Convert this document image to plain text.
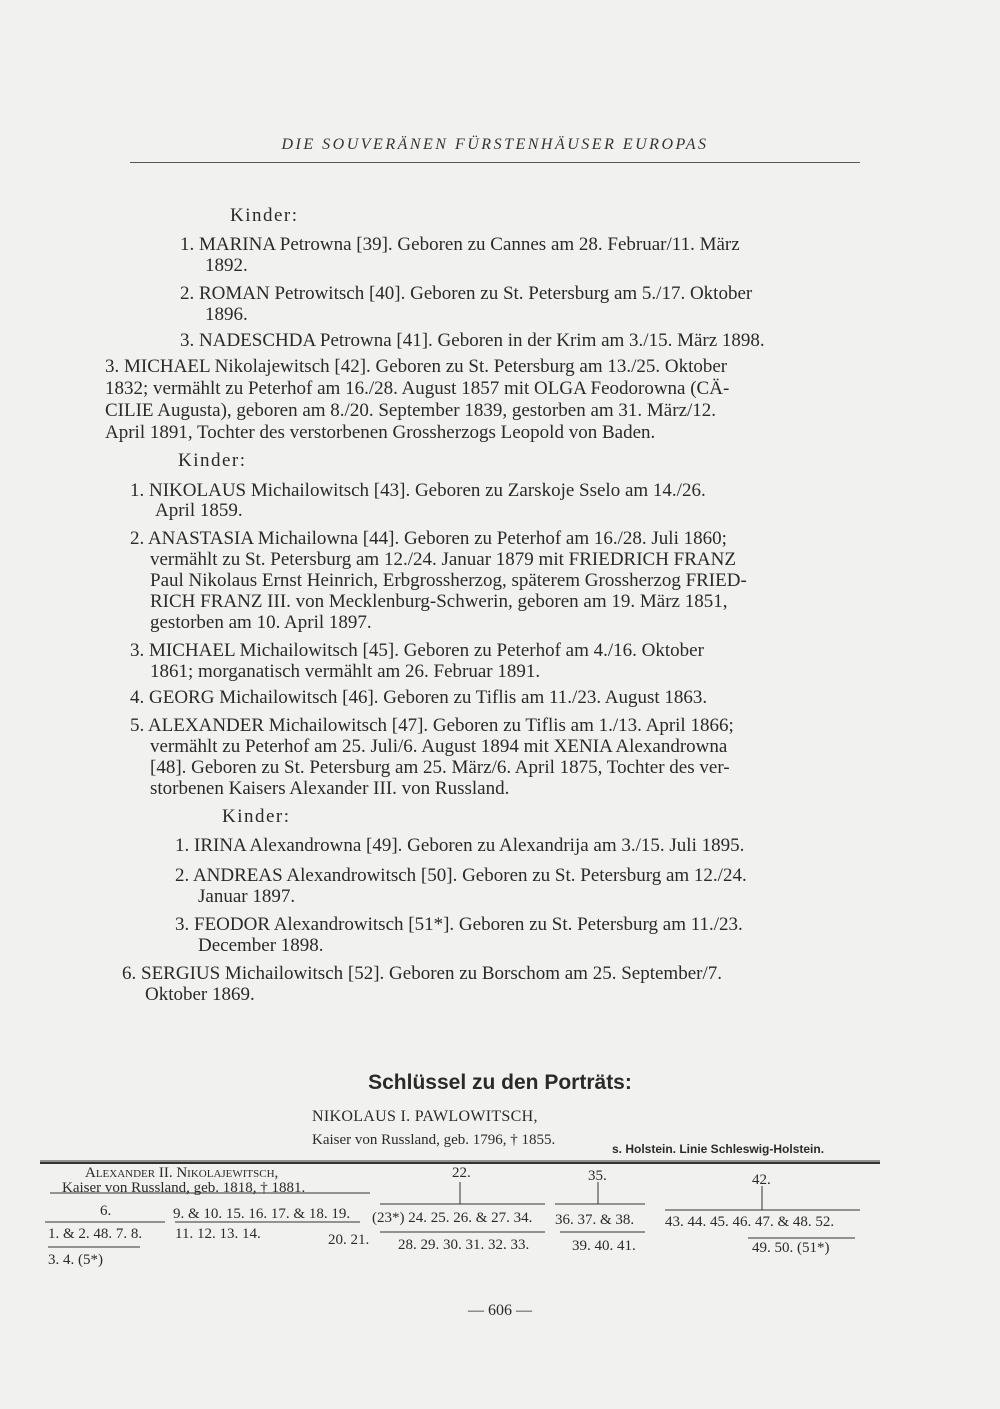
DIE SOUVERÄNEN FÜRSTENHÄUSER EUROPAS
Kinder:
1. MARINA Petrowna [39]. Geboren zu Cannes am 28. Februar/11. März
1892.
2. ROMAN Petrowitsch [40]. Geboren zu St. Petersburg am 5./17. Oktober
1896.
3. NADESCHDA Petrowna [41]. Geboren in der Krim am 3./15. März 1898.
3. MICHAEL Nikolajewitsch [42]. Geboren zu St. Petersburg am 13./25. Oktober
1832; vermählt zu Peterhof am 16./28. August 1857 mit OLGA Feodorowna (CÄ-
CILIE Augusta), geboren am 8./20. September 1839, gestorben am 31. März/12.
April 1891, Tochter des verstorbenen Grossherzogs Leopold von Baden.
Kinder:
1. NIKOLAUS Michailowitsch [43]. Geboren zu Zarskoje Sselo am 14./26.
April 1859.
2. ANASTASIA Michailowna [44]. Geboren zu Peterhof am 16./28. Juli 1860;
vermählt zu St. Petersburg am 12./24. Januar 1879 mit FRIEDRICH FRANZ
Paul Nikolaus Ernst Heinrich, Erbgrossherzog, späterem Grossherzog FRIED-
RICH FRANZ III. von Mecklenburg-Schwerin, geboren am 19. März 1851,
gestorben am 10. April 1897.
3. MICHAEL Michailowitsch [45]. Geboren zu Peterhof am 4./16. Oktober
1861; morganatisch vermählt am 26. Februar 1891.
4. GEORG Michailowitsch [46]. Geboren zu Tiflis am 11./23. August 1863.
5. ALEXANDER Michailowitsch [47]. Geboren zu Tiflis am 1./13. April 1866;
vermählt zu Peterhof am 25. Juli/6. August 1894 mit XENIA Alexandrowna
[48]. Geboren zu St. Petersburg am 25. März/6. April 1875, Tochter des ver-
storbenen Kaisers Alexander III. von Russland.
Kinder:
1. IRINA Alexandrowna [49]. Geboren zu Alexandrija am 3./15. Juli 1895.
2. ANDREAS Alexandrowitsch [50]. Geboren zu St. Petersburg am 12./24.
Januar 1897.
3. FEODOR Alexandrowitsch [51*]. Geboren zu St. Petersburg am 11./23.
December 1898.
6. SERGIUS Michailowitsch [52]. Geboren zu Borschom am 25. September/7.
Oktober 1869.
Schlüssel zu den Porträts:
NIKOLAUS I. PAWLOWITSCH,
Kaiser von Russland, geb. 1796, † 1855.
s. Holstein. Linie Schleswig-Holstein.
Alexander II. Nikolajewitsch,
Kaiser von Russland, geb. 1818, † 1881.
22.	35.	42.
6.	9. & 10. 15. 16. 17. & 18. 19.
1. & 2. 48. 7. 8. 11. 12. 13. 14.	20. 21.
3. 4. (5*)
(23*) 24. 25. 26. & 27. 34.
28. 29. 30. 31. 32. 33.
36. 37. & 38.
39. 40. 41.
43. 44. 45. 46. 47. & 48. 52.
49. 50. (51*)
— 606 —
